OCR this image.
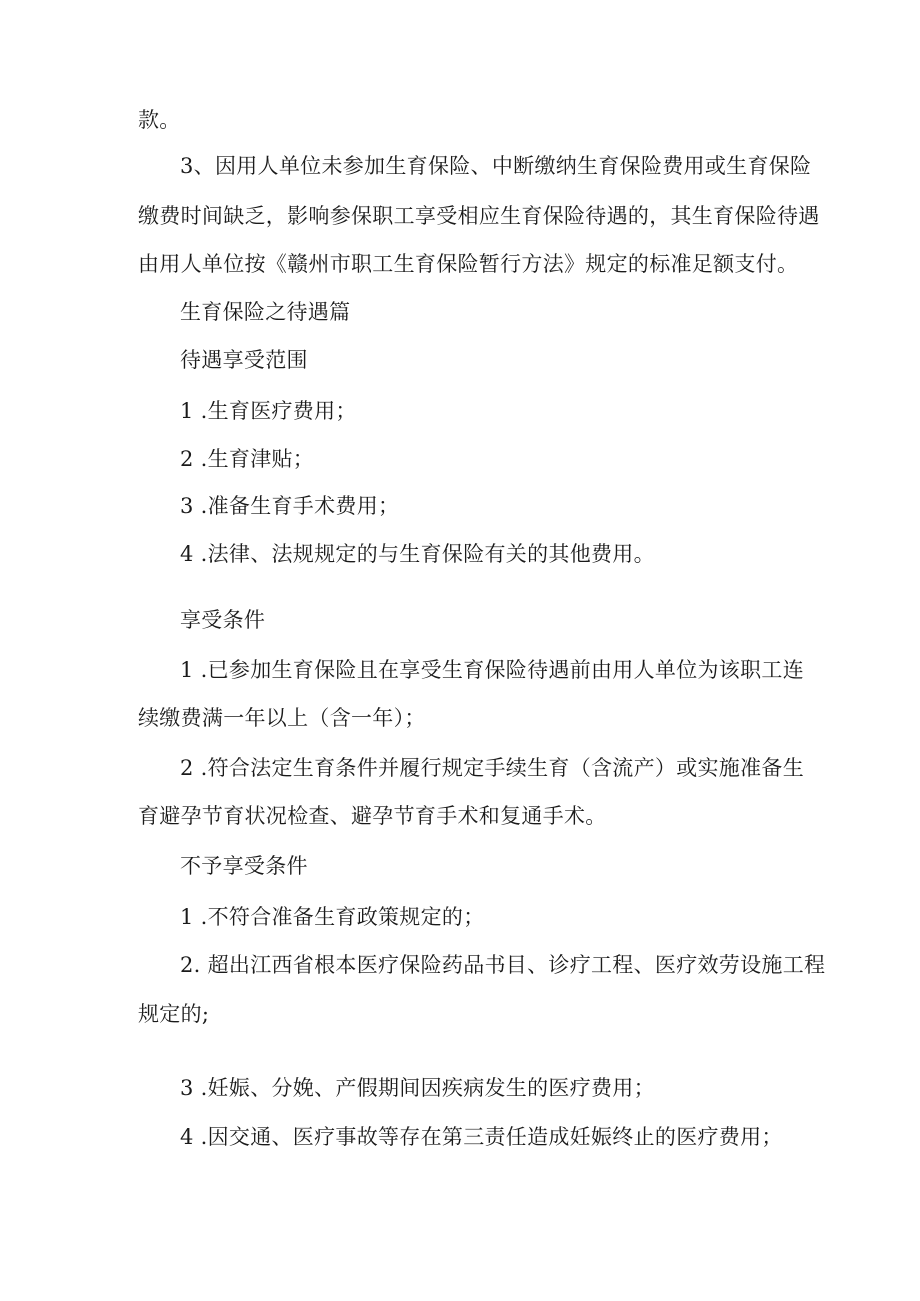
款。
3、因用人单位未参加生育保险、中断缴纳生育保险费用或生育保险
缴费时间缺乏，影响参保职工享受相应生育保险待遇的，其生育保险待遇
由用人单位按《赣州市职工生育保险暂行方法》规定的标准足额支付。
生育保险之待遇篇
待遇享受范围
1 .生育医疗费用；
2 .生育津贴；
3 .准备生育手术费用；
4 .法律、法规规定的与生育保险有关的其他费用。
享受条件
1 .已参加生育保险且在享受生育保险待遇前由用人单位为该职工连
续缴费满一年以上（含一年）；
2 .符合法定生育条件并履行规定手续生育（含流产）或实施准备生
育避孕节育状况检查、避孕节育手术和复通手术。
不予享受条件
1 .不符合准备生育政策规定的；
2. 超出江西省根本医疗保险药品书目、诊疗工程、医疗效劳设施工程
规定的;
3 .妊娠、分娩、产假期间因疾病发生的医疗费用；
4 .因交通、医疗事故等存在第三责任造成妊娠终止的医疗费用；
